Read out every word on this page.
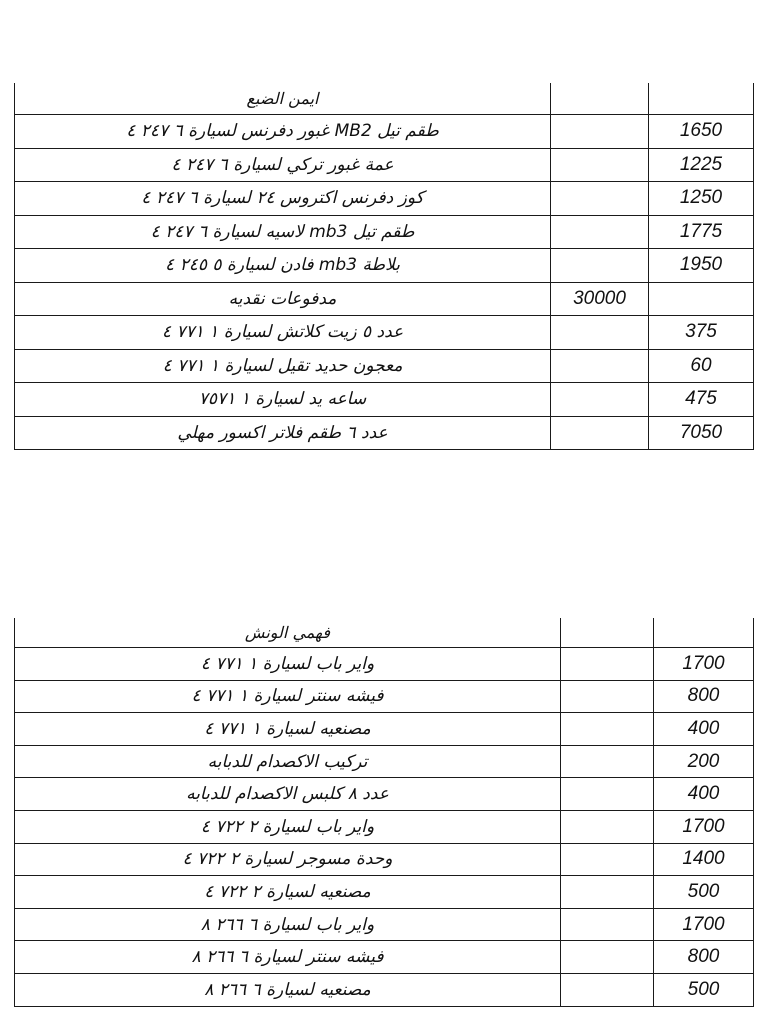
ايمن الضبع		
طقم تيل MB2 غبور دفرنس لسيارة ٦ ٢٤٧ ٤		1650
عمة غبور تركي لسيارة ٦ ٢٤٧ ٤		1225
كوز دفرنس اكتروس ٢٤ لسيارة ٦ ٢٤٧ ٤		1250
طقم تيل mb3 لاسيه لسيارة ٦ ٢٤٧ ٤		1775
بلاطة mb3 فادن لسيارة ٥ ٢٤٥ ٤		1950
مدفوعات نقديه	30000	
عدد ٥ زيت كلاتش لسيارة ١ ٧٧١ ٤		375
معجون حديد تقيل لسيارة ١ ٧٧١ ٤		60
ساعه يد لسيارة ١ ٧٥٧١		475
عدد ٦ طقم فلاتر اكسور مهلي		7050
فهمي الونش		
واير باب لسيارة ١ ٧٧١ ٤		1700
فيشه سنتر لسيارة ١ ٧٧١ ٤		800
مصنعيه لسيارة ١ ٧٧١ ٤		400
تركيب الاكصدام للدبابه		200
عدد ٨ كلبس الاكصدام للدبابه		400
واير باب لسيارة ٢ ٧٢٢ ٤		1700
وحدة مسوجر لسيارة ٢ ٧٢٢ ٤		1400
مصنعيه لسيارة ٢ ٧٢٢ ٤		500
واير باب لسيارة ٦ ٢٦٦ ٨		1700
فيشه سنتر لسيارة ٦ ٢٦٦ ٨		800
مصنعيه لسيارة ٦ ٢٦٦ ٨		500
